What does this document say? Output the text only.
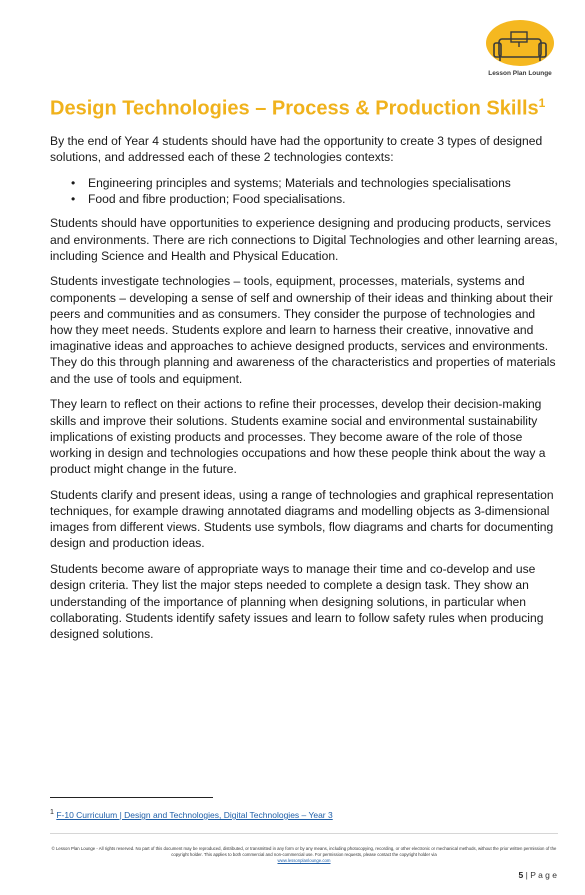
Lesson Plan Lounge
Design Technologies – Process & Production Skills$^1$

By the end of Year 4 students should have had the opportunity to create 3 types of designed solutions, and addressed each of these 2 technologies contexts:

• Engineering principles and systems; Materials and technologies specialisations
• Food and fibre production; Food specialisations.

Students should have opportunities to experience designing and producing products, services and environments. There are rich connections to Digital Technologies and other learning areas, including Science and Health and Physical Education.

Students investigate technologies – tools, equipment, processes, materials, systems and components – developing a sense of self and ownership of their ideas and thinking about their peers and communities and as consumers. They consider the purpose of technologies and how they meet needs. Students explore and learn to harness their creative, innovative and imaginative ideas and approaches to achieve designed products, services and environments. They do this through planning and awareness of the characteristics and properties of materials and the use of tools and equipment.

They learn to reflect on their actions to refine their processes, develop their decision-making skills and improve their solutions. Students examine social and environmental sustainability implications of existing products and processes. They become aware of the role of those working in design and technologies occupations and how these people think about the way a product might change in the future.

Students clarify and present ideas, using a range of technologies and graphical representation techniques, for example drawing annotated diagrams and modelling objects as 3-dimensional images from different views. Students use symbols, flow diagrams and charts for documenting design and production ideas.

Students become aware of appropriate ways to manage their time and co-develop and use design criteria. They list the major steps needed to complete a design task. They show an understanding of the importance of planning when designing solutions, in particular when collaborating. Students identify safety issues and learn to follow safety rules when producing designed solutions.

$^1$ F-10 Curriculum | Design and Technologies, Digital Technologies – Year 3
© Lesson Plan Lounge - All rights reserved. No part of this document may be reproduced, distributed, or transmitted in any form or by any means, including photocopying, recording, or other electronic or mechanical methods, without the prior written permission of the copyright holder. This applies to both commercial and non-commercial use. For permission requests, please contact the copyright holder via
www.lessonplanlounge.com
5 | P a g e
